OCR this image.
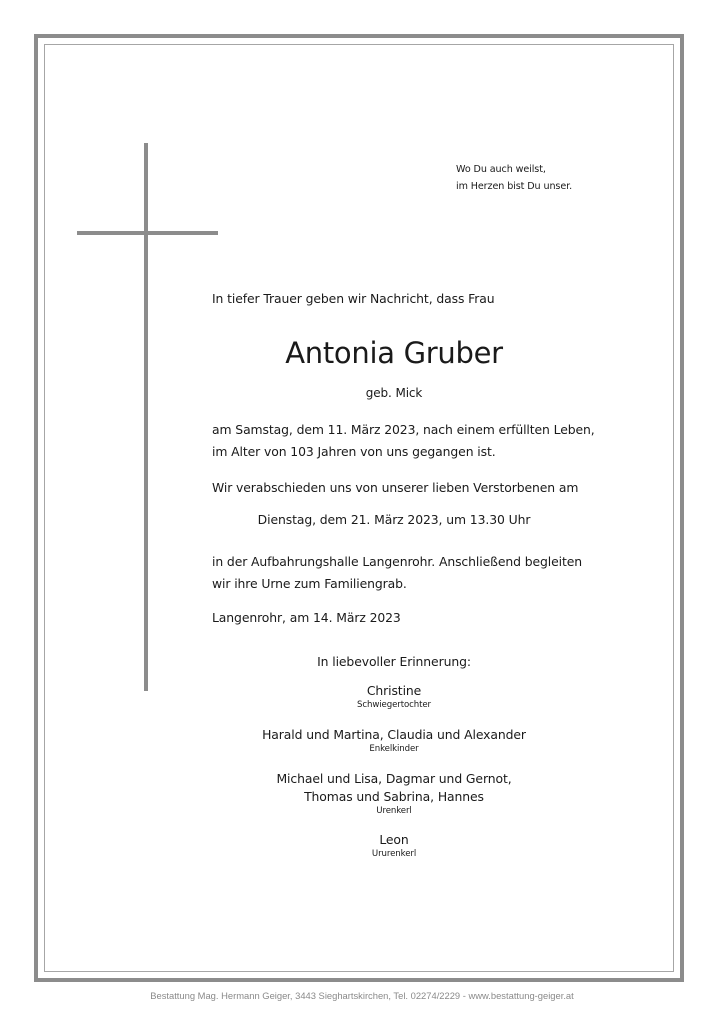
Wo Du auch weilst,
im Herzen bist Du unser.
In tiefer Trauer geben wir Nachricht, dass Frau
Antonia Gruber
geb. Mick
am Samstag, dem 11. März 2023, nach einem erfüllten Leben,
im Alter von 103 Jahren von uns gegangen ist.
Wir verabschieden uns von unserer lieben Verstorbenen am
Dienstag, dem 21. März 2023, um 13.30 Uhr
in der Aufbahrungshalle Langenrohr. Anschließend begleiten
wir ihre Urne zum Familiengrab.
Langenrohr, am 14. März 2023
In liebevoller Erinnerung:
Christine
Schwiegertochter
Harald und Martina, Claudia und Alexander
Enkelkinder
Michael und Lisa, Dagmar und Gernot,
Thomas und Sabrina, Hannes
Urenkerl
Leon
Ururenkerl
Bestattung Mag. Hermann Geiger, 3443 Sieghartskirchen, Tel. 02274/2229 - www.bestattung-geiger.at
